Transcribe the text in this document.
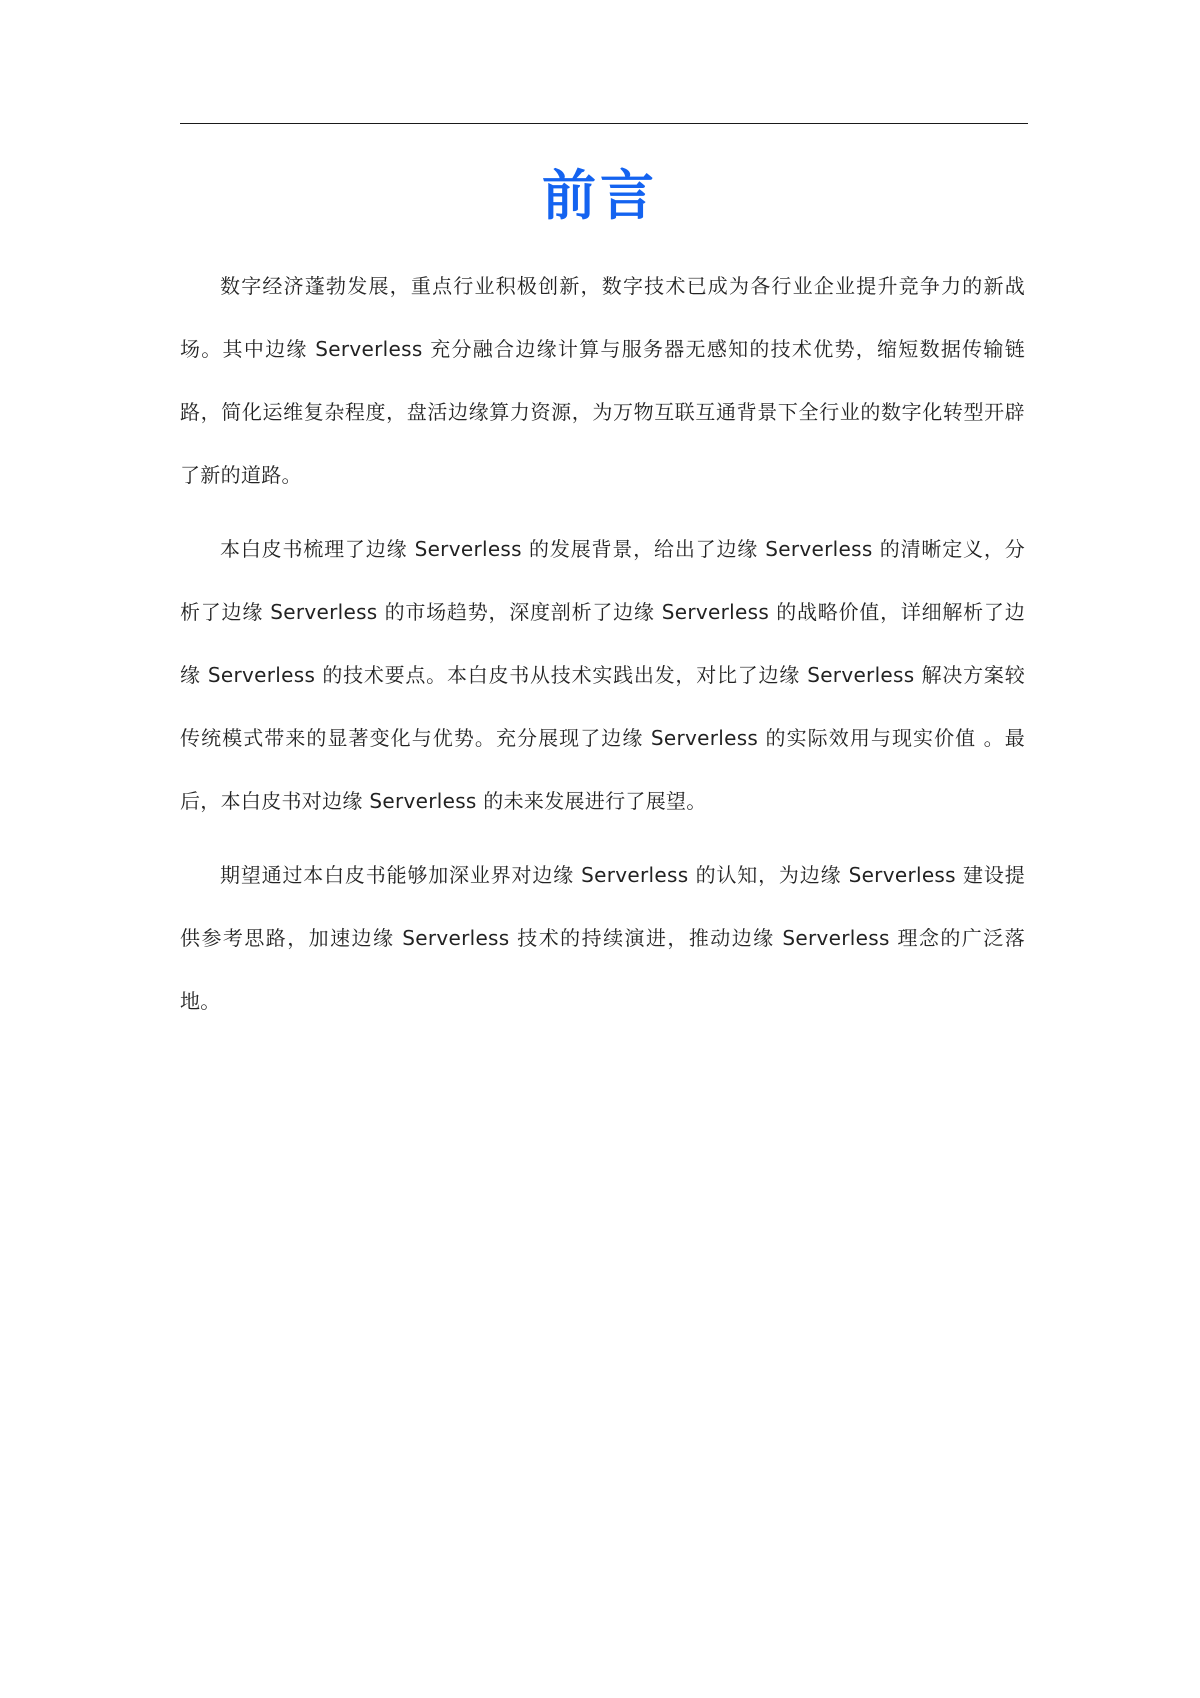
前言

数字经济蓬勃发展，重点行业积极创新，数字技术已成为各行业企业提升竞争力的新战场。其中边缘 Serverless 充分融合边缘计算与服务器无感知的技术优势，缩短数据传输链路，简化运维复杂程度，盘活边缘算力资源，为万物互联互通背景下全行业的数字化转型开辟了新的道路。

本白皮书梳理了边缘 Serverless 的发展背景，给出了边缘 Serverless 的清晰定义，分析了边缘 Serverless 的市场趋势，深度剖析了边缘 Serverless 的战略价值，详细解析了边缘 Serverless 的技术要点。本白皮书从技术实践出发，对比了边缘 Serverless 解决方案较传统模式带来的显著变化与优势。充分展现了边缘 Serverless 的实际效用与现实价值 。最后，本白皮书对边缘 Serverless 的未来发展进行了展望。

期望通过本白皮书能够加深业界对边缘 Serverless 的认知，为边缘 Serverless 建设提供参考思路，加速边缘 Serverless 技术的持续演进，推动边缘 Serverless 理念的广泛落地。
